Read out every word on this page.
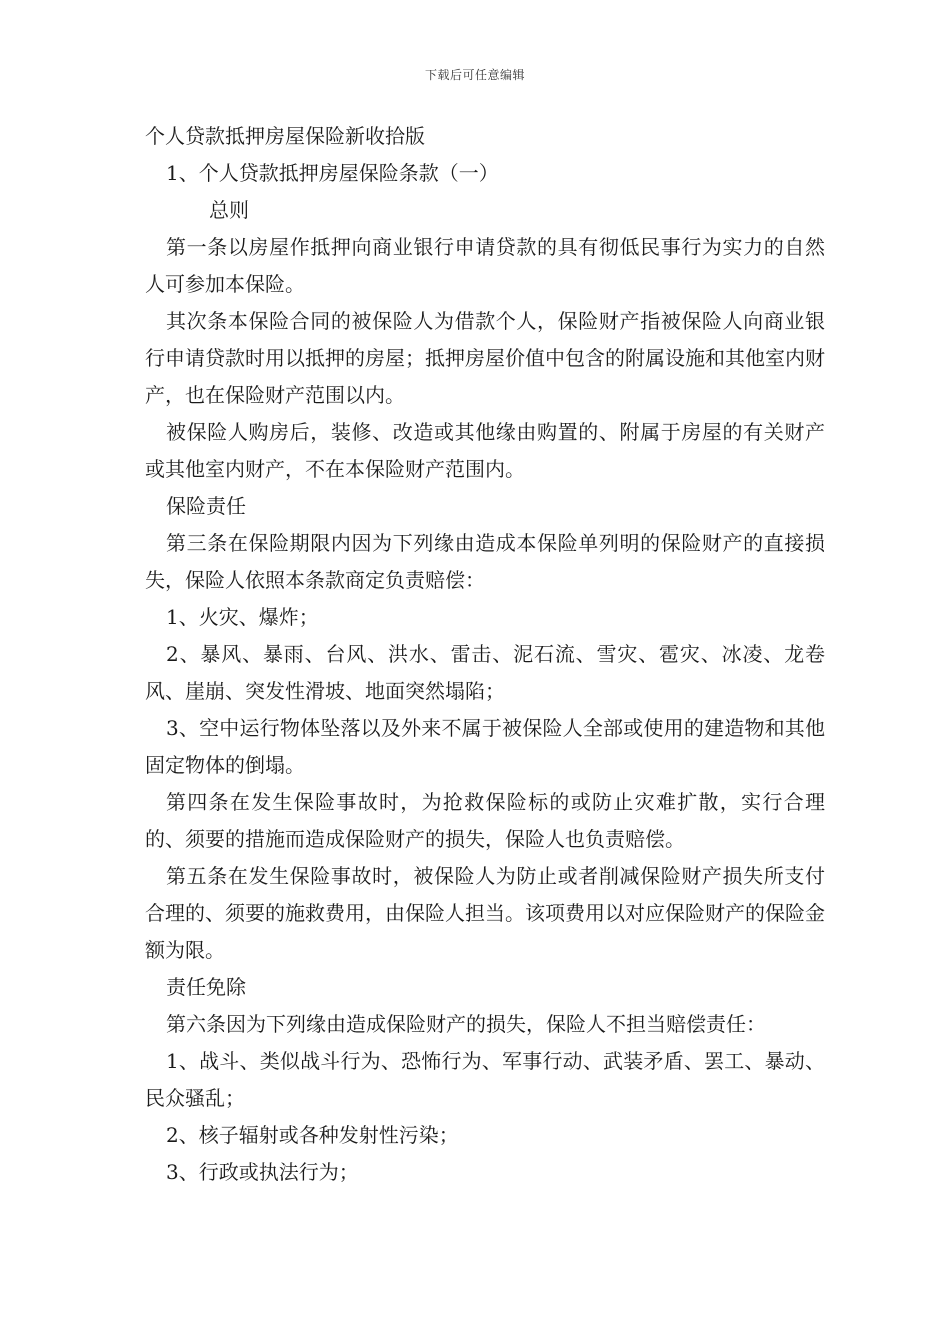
下载后可任意编辑

个人贷款抵押房屋保险新收拾版

1、个人贷款抵押房屋保险条款（一）

总则

第一条以房屋作抵押向商业银行申请贷款的具有彻低民事行为实力的自然人可参加本保险。

其次条本保险合同的被保险人为借款个人，保险财产指被保险人向商业银行申请贷款时用以抵押的房屋；抵押房屋价值中包含的附属设施和其他室内财产，也在保险财产范围以内。

被保险人购房后，装修、改造或其他缘由购置的、附属于房屋的有关财产或其他室内财产，不在本保险财产范围内。

保险责任

第三条在保险期限内因为下列缘由造成本保险单列明的保险财产的直接损失，保险人依照本条款商定负责赔偿：

1、火灾、爆炸；

2、暴风、暴雨、台风、洪水、雷击、泥石流、雪灾、雹灾、冰凌、龙卷风、崖崩、突发性滑坡、地面突然塌陷；

3、空中运行物体坠落以及外来不属于被保险人全部或使用的建造物和其他固定物体的倒塌。

第四条在发生保险事故时，为抢救保险标的或防止灾难扩散，实行合理的、须要的措施而造成保险财产的损失，保险人也负责赔偿。

第五条在发生保险事故时，被保险人为防止或者削减保险财产损失所支付合理的、须要的施救费用，由保险人担当。该项费用以对应保险财产的保险金额为限。

责任免除

第六条因为下列缘由造成保险财产的损失，保险人不担当赔偿责任：

1、战斗、类似战斗行为、恐怖行为、军事行动、武装矛盾、罢工、暴动、民众骚乱；

2、核子辐射或各种发射性污染；

3、行政或执法行为；
